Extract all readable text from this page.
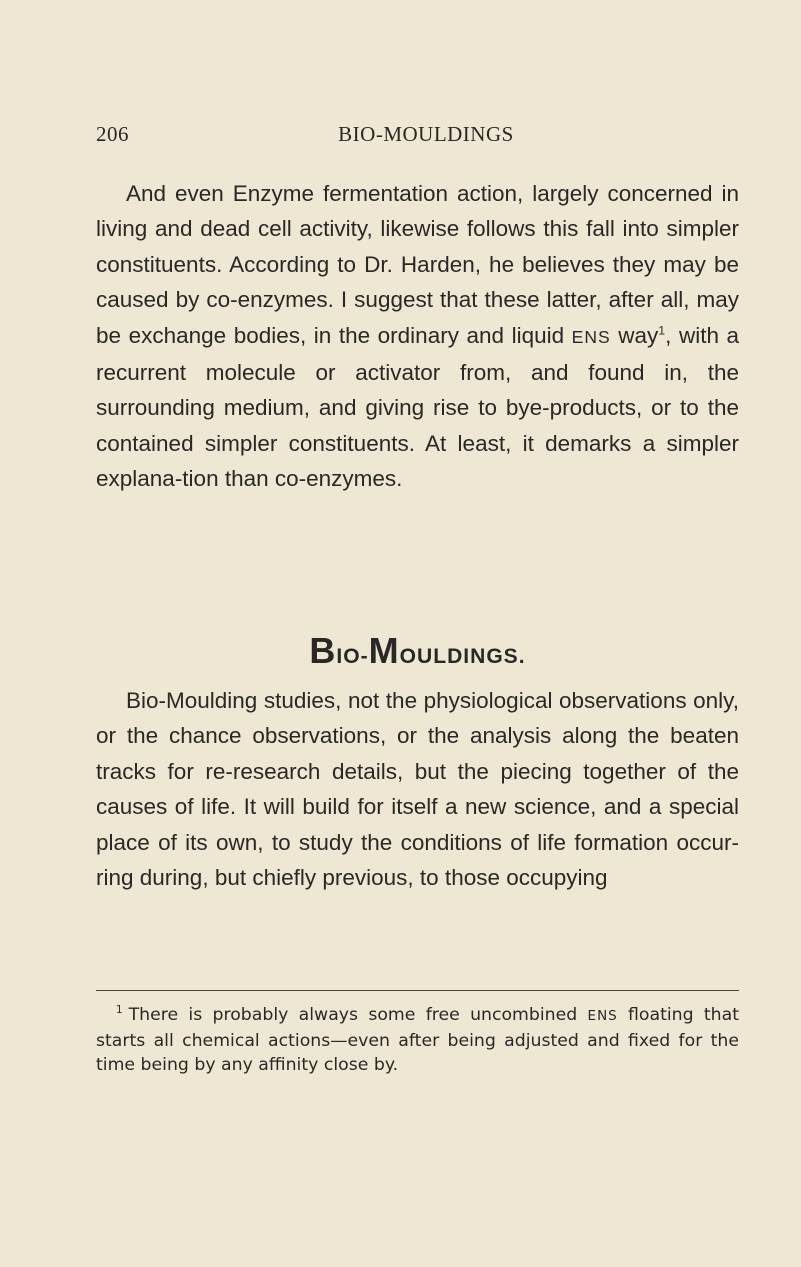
206	BIO-MOULDINGS

And even Enzyme fermentation action, largely concerned in living and dead cell activity, likewise follows this fall into simpler constituents. According to Dr. Harden, he believes they may be caused by co-enzymes. I suggest that these latter, after all, may be exchange bodies, in the ordinary and liquid ENS way$^1$, with a recurrent molecule or activator from, and found in, the surrounding medium, and giving rise to bye-products, or to the contained simpler constituents. At least, it demarks a simpler explana-tion than co-enzymes.

BIO-MOULDINGS.

Bio-Moulding studies, not the physiological observations only, or the chance observations, or the analysis along the beaten tracks for re-research details, but the piecing together of the causes of life. It will build for itself a new science, and a special place of its own, to study the conditions of life formation occur-ring during, but chiefly previous, to those occupying

$^1$ There is probably always some free uncombined ENS floating that starts all chemical actions—even after being adjusted and fixed for the time being by any affinity close by.
